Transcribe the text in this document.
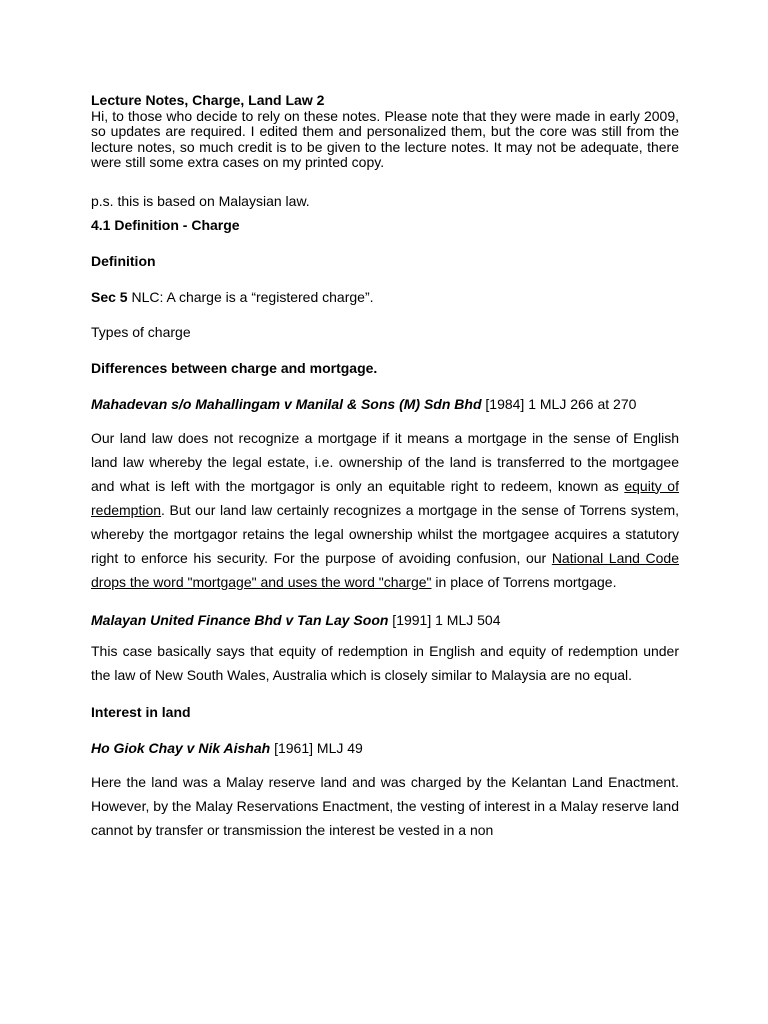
Lecture Notes, Charge, Land Law 2
Hi, to those who decide to rely on these notes. Please note that they were made in early 2009, so updates are required. I edited them and personalized them, but the core was still from the lecture notes, so much credit is to be given to the lecture notes. It may not be adequate, there were still some extra cases on my printed copy.
p.s. this is based on Malaysian law.
4.1 Definition - Charge
Definition
Sec 5 NLC: A charge is a “registered charge”.
Types of charge
Differences between charge and mortgage.
Mahadevan s/o Mahallingam v Manilal & Sons (M) Sdn Bhd [1984] 1 MLJ 266 at 270
Our land law does not recognize a mortgage if it means a mortgage in the sense of English land law whereby the legal estate, i.e. ownership of the land is transferred to the mortgagee and what is left with the mortgagor is only an equitable right to redeem, known as equity of redemption. But our land law certainly recognizes a mortgage in the sense of Torrens system, whereby the mortgagor retains the legal ownership whilst the mortgagee acquires a statutory right to enforce his security. For the purpose of avoiding confusion, our National Land Code drops the word "mortgage" and uses the word "charge" in place of Torrens mortgage.
Malayan United Finance Bhd v Tan Lay Soon [1991] 1 MLJ 504
This case basically says that equity of redemption in English and equity of redemption under the law of New South Wales, Australia which is closely similar to Malaysia are no equal.
Interest in land
Ho Giok Chay v Nik Aishah [1961] MLJ 49
Here the land was a Malay reserve land and was charged by the Kelantan Land Enactment. However, by the Malay Reservations Enactment, the vesting of interest in a Malay reserve land cannot by transfer or transmission the interest be vested in a non
